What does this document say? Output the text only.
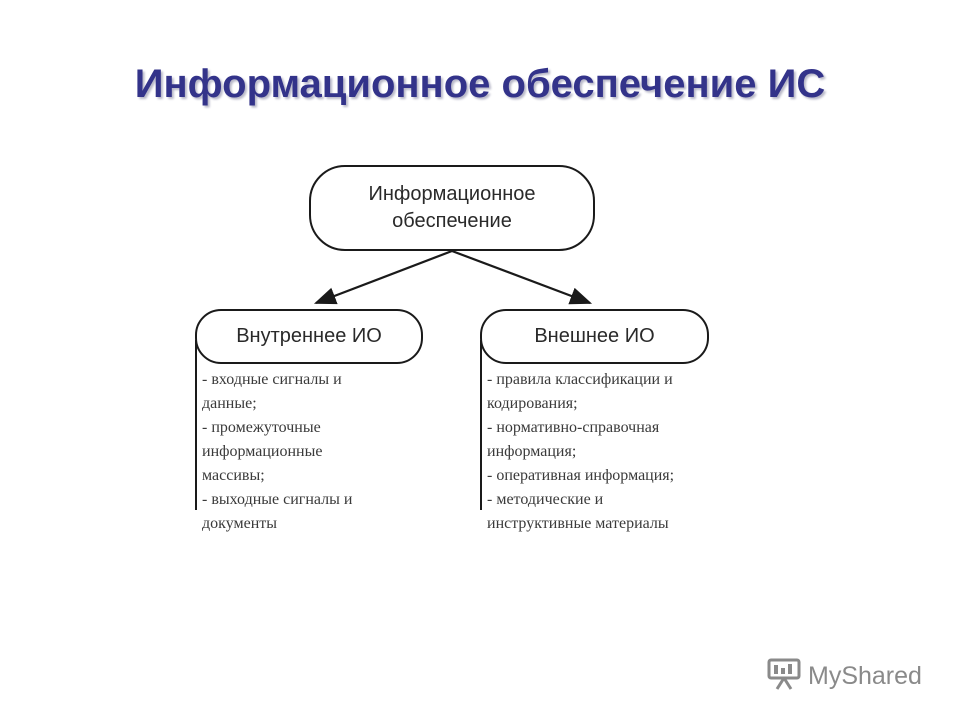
Информационное обеспечение ИС
Информационное
обеспечение
Внутреннее ИО	Внешнее ИО
- входные сигналы и
данные;
- промежуточные
информационные
массивы;
- выходные сигналы и
документы
- правила классификации и
кодирования;
- нормативно-справочная
информация;
- оперативная информация;
- методические и
инструктивные материалы
MyShared
